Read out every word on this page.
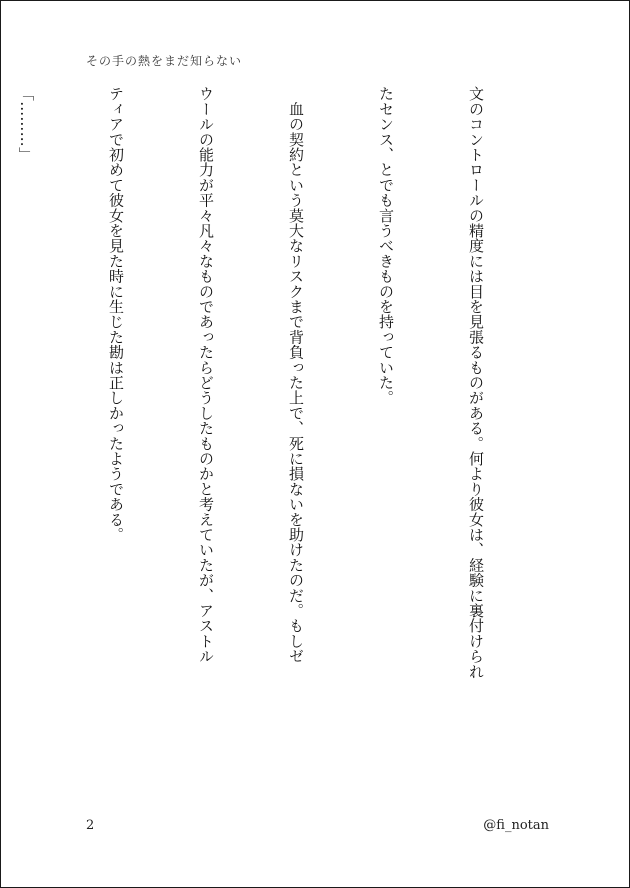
その手の熱をまだ知らない

文のコントロールの精度には目を見張るものがある。何より彼女は、経験に裏付けられ

たセンス、とでも言うべきものを持っていた。

　血の契約という莫大なリスクまで背負った上で、死に損ないを助けたのだ。もしゼ

ウールの能力が平々凡々なものであったらどうしたものかと考えていたが、アストル

ティアで初めて彼女を見た時に生じた勘は正しかったようである。

「………」

2	@fi_notan
